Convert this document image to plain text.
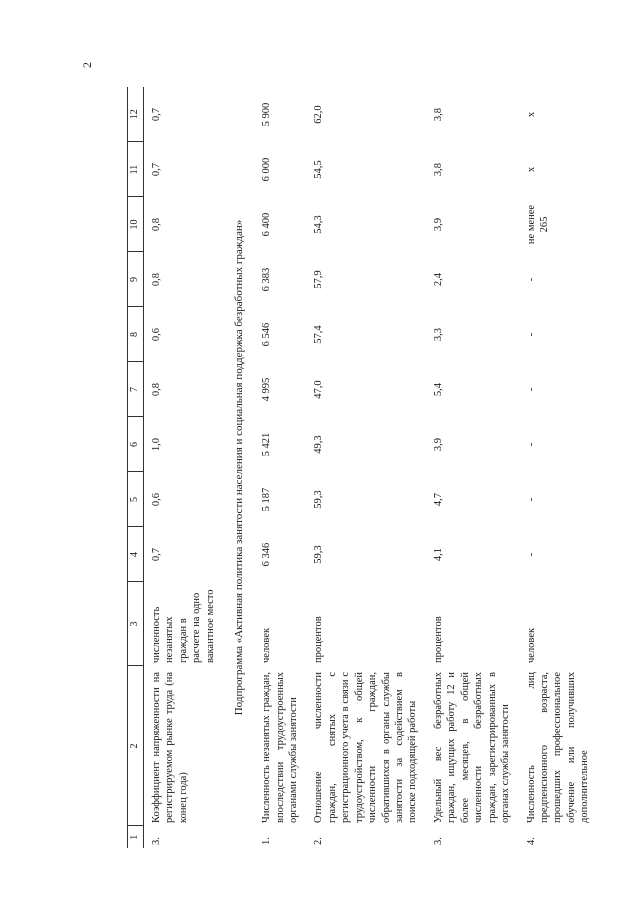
2
1	2	3	4	5	6	7	8	9	10	11	12
3.	Коэффициент напряженности на регистрируемом рынке труда (на конец года)	численность незанятых граждан в расчете на одно вакантное место	0,7	0,6	1,0	0,8	0,6	0,8	0,8	0,7	0,7
Подпрограмма «Активная политика занятости населения и социальная поддержка безработных граждан»											
1.	Численность незанятых граждан, впоследствии трудоустроенных органами службы занятости	человек	6 346	5 187	5 421	4 995	6 546	6 383	6 400	6 000	5 900
2.	Отношение численности граждан, снятых с регистрационного учета в связи с трудоустройством, к общей численности граждан, обратившихся в органы службы занятости за содействием в поиске подходящей работы	процентов	59,3	59,3	49,3	47,0	57,4	57,9	54,3	54,5	62,0
3.	Удельный вес безработных граждан, ищущих работу 12 и более месяцев, в общей численности безработных граждан, зарегистрированных в органах службы занятости	процентов	4,1	4,7	3,9	5,4	3,3	2,4	3,9	3,8	3,8
4.	Численность лиц предпенсионного возраста, прошедших профессиональное обучение или получивших дополнительное	человек	-	-	-	-	-	-	не менее 265	x	x
